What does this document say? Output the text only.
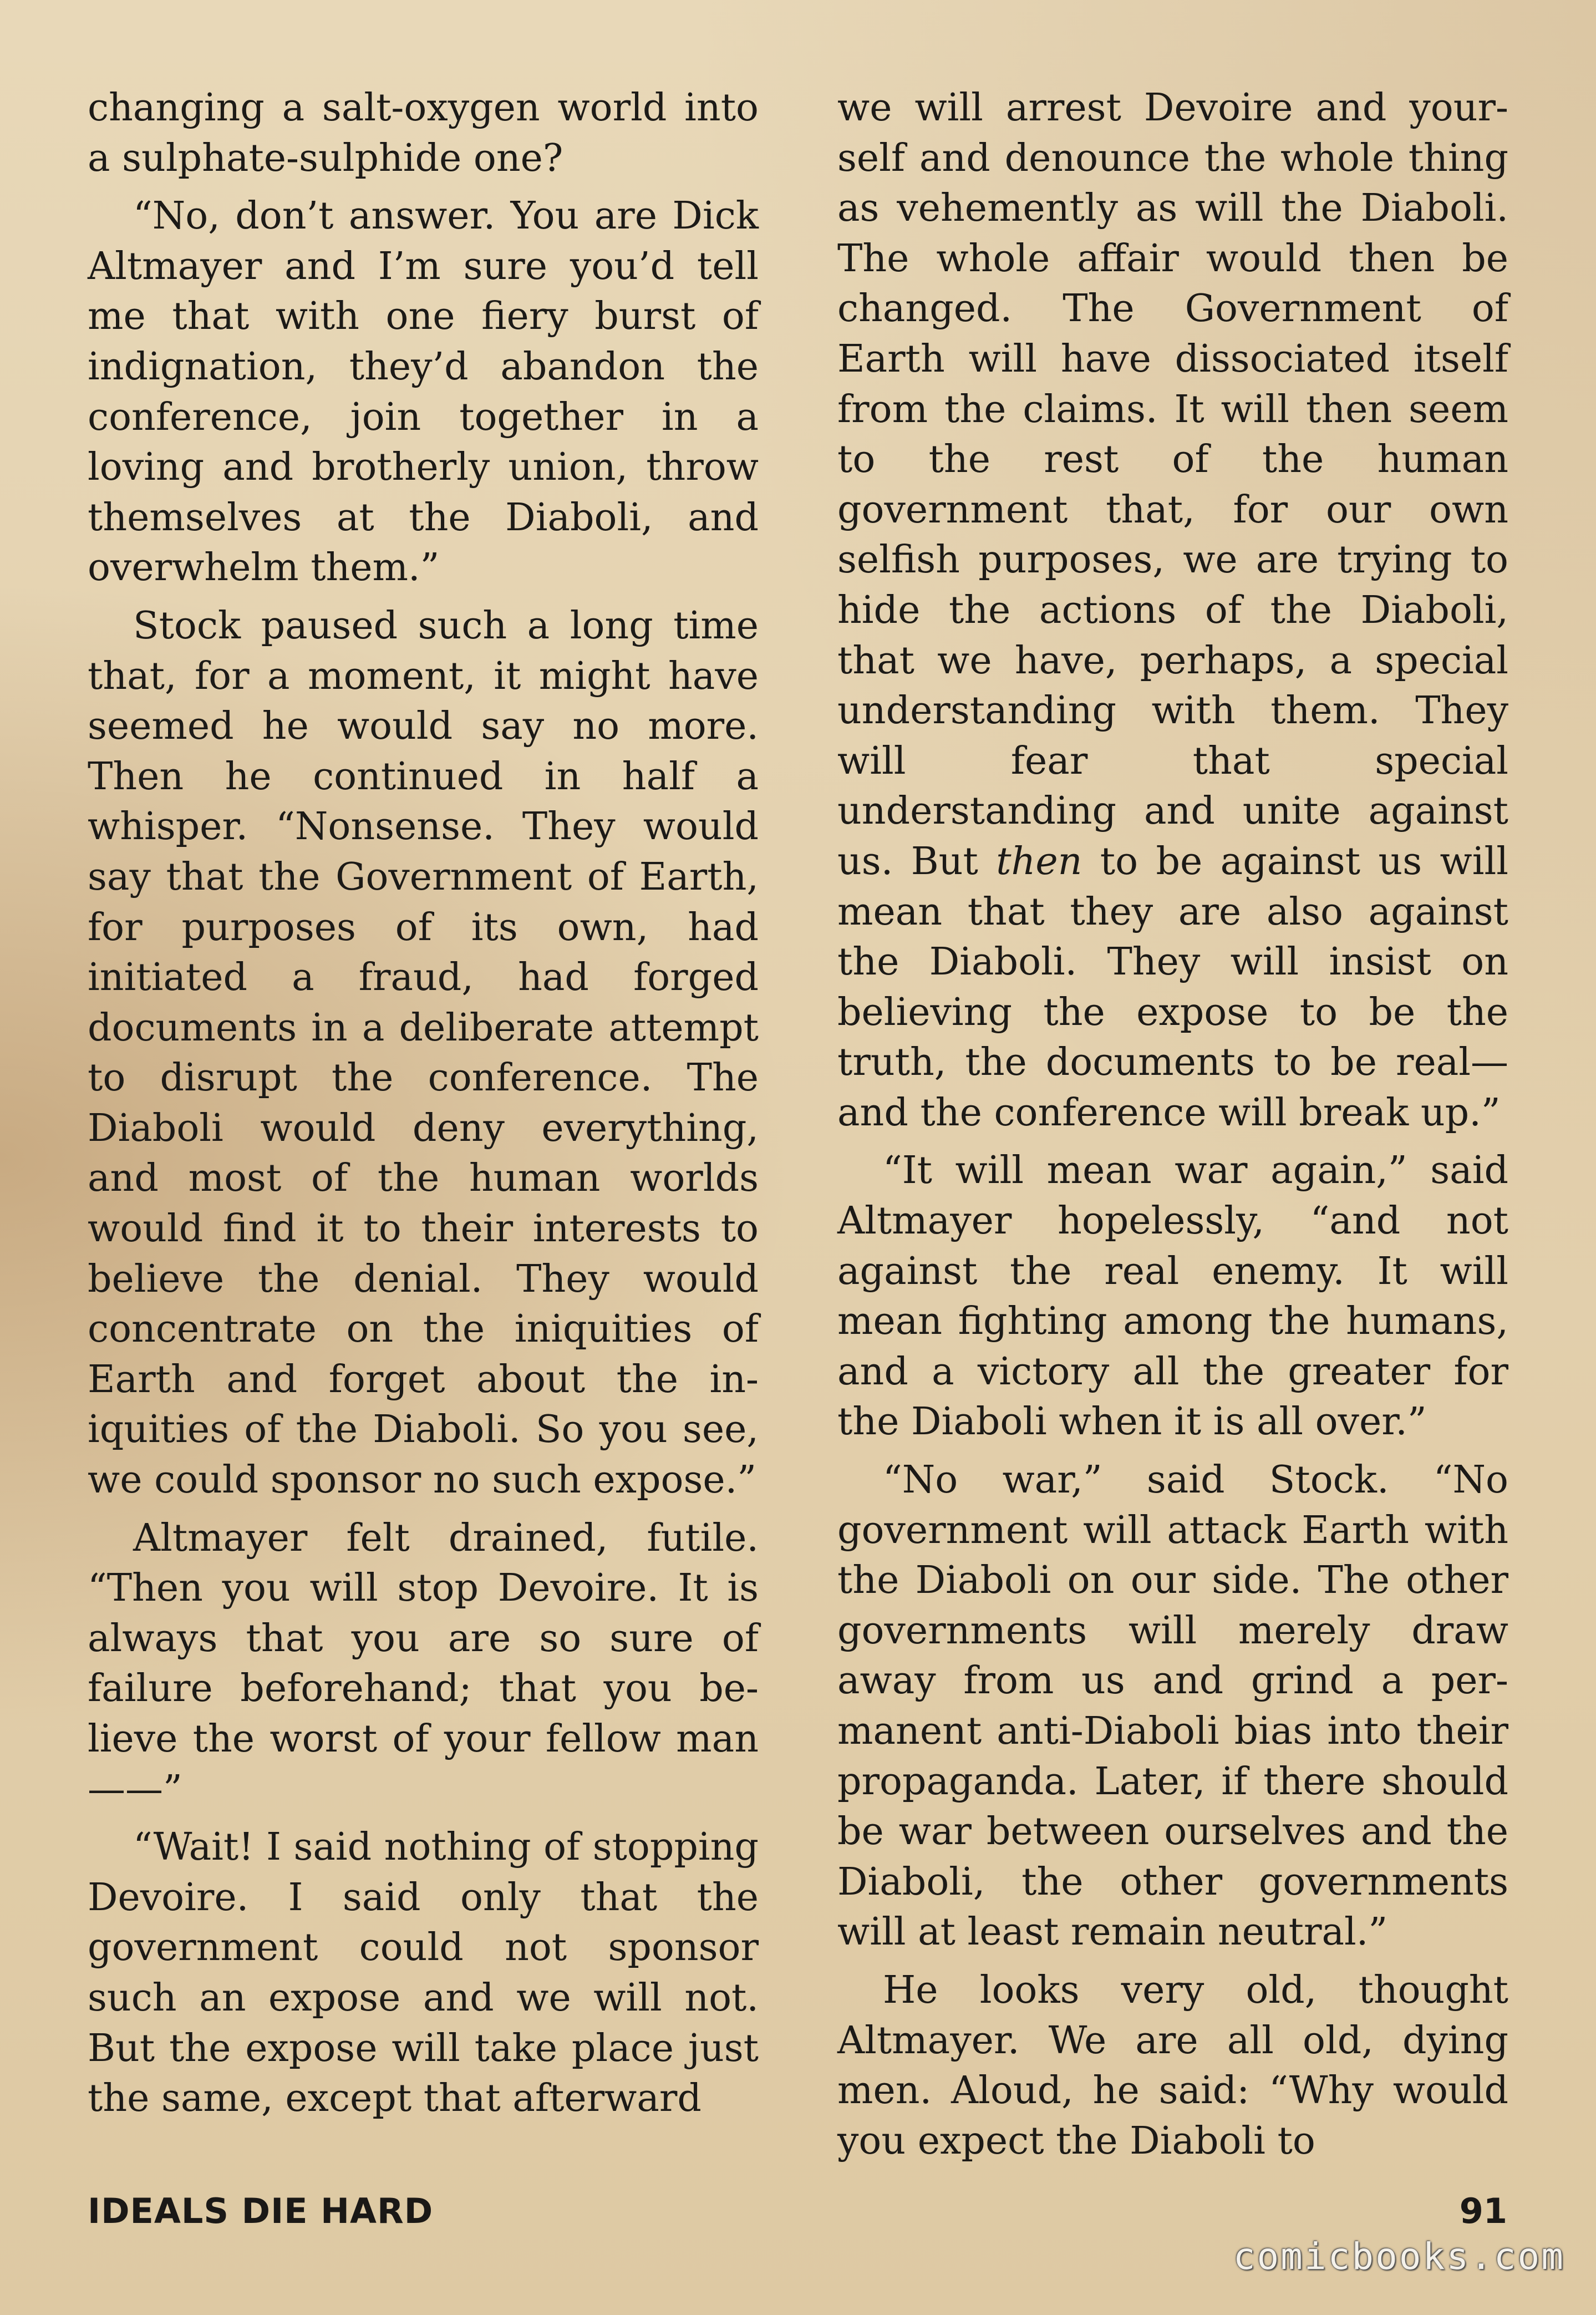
changing a salt-oxygen world into a sulphate-sulphide one?

“No, don’t answer. You are Dick Altmayer and I’m sure you’d tell me that with one fiery burst of indignation, they’d abandon the conference, join together in a loving and brotherly union, throw themselves at the Diaboli, and overwhelm them.”

Stock paused such a long time that, for a moment, it might have seemed he would say no more. Then he continued in half a whisper. “Nonsense. They would say that the Government of Earth, for purposes of its own, had initiated a fraud, had forged documents in a deliberate attempt to disrupt the conference. The Diaboli would deny everything, and most of the human worlds would find it to their interests to believe the denial. They would concentrate on the iniquities of Earth and forget about the iniquities of the Diaboli. So you see, we could sponsor no such expose.”

Altmayer felt drained, futile. “Then you will stop Devoire. It is always that you are so sure of failure beforehand; that you believe the worst of your fellow man——”

“Wait! I said nothing of stopping Devoire. I said only that the government could not sponsor such an expose and we will not. But the expose will take place just the same, except that afterward

we will arrest Devoire and yourself and denounce the whole thing as vehemently as will the Diaboli. The whole affair would then be changed. The Government of Earth will have dissociated itself from the claims. It will then seem to the rest of the human government that, for our own selfish purposes, we are trying to hide the actions of the Diaboli, that we have, perhaps, a special understanding with them. They will fear that special understanding and unite against us. But then to be against us will mean that they are also against the Diaboli. They will insist on believing the expose to be the truth, the documents to be real—and the conference will break up.”

“It will mean war again,” said Altmayer hopelessly, “and not against the real enemy. It will mean fighting among the humans, and a victory all the greater for the Diaboli when it is all over.”

“No war,” said Stock. “No government will attack Earth with the Diaboli on our side. The other governments will merely draw away from us and grind a permanent anti-Diaboli bias into their propaganda. Later, if there should be war between ourselves and the Diaboli, the other governments will at least remain neutral.”

He looks very old, thought Altmayer. We are all old, dying men. Aloud, he said: “Why would you expect the Diaboli to

IDEALS DIE HARD	91
comicbooks.com
